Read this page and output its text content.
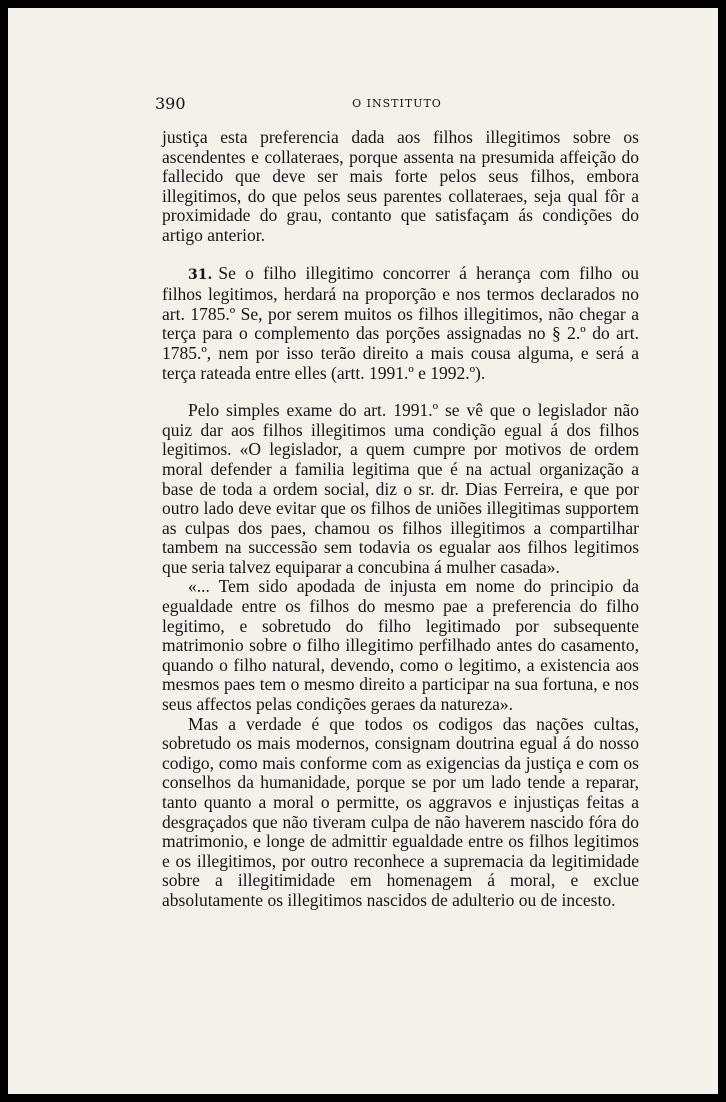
390	O INSTITUTO

justiça esta preferencia dada aos filhos illegitimos sobre os ascendentes e collateraes, porque assenta na presumida affeição do fallecido que deve ser mais forte pelos seus filhos, embora illegitimos, do que pelos seus parentes collateraes, seja qual fôr a proximidade do grau, contanto que satisfaçam ás condições do artigo anterior.

31. Se o filho illegitimo concorrer á herança com filho ou filhos legitimos, herdará na proporção e nos termos declarados no art. 1785.º Se, por serem muitos os filhos illegitimos, não chegar a terça para o complemento das porções assignadas no § 2.º do art. 1785.º, nem por isso terão direito a mais cousa alguma, e será a terça rateada entre elles (artt. 1991.º e 1992.º).

Pelo simples exame do art. 1991.º se vê que o legislador não quiz dar aos filhos illegitimos uma condição egual á dos filhos legitimos. «O legislador, a quem cumpre por motivos de ordem moral defender a familia legitima que é na actual organização a base de toda a ordem social, diz o sr. dr. Dias Ferreira, e que por outro lado deve evitar que os filhos de uniões illegitimas supportem as culpas dos paes, chamou os filhos illegitimos a compartilhar tambem na successão sem todavia os egualar aos filhos legitimos que seria talvez equiparar a concubina á mulher casada».

«... Tem sido apodada de injusta em nome do principio da egualdade entre os filhos do mesmo pae a preferencia do filho legitimo, e sobretudo do filho legitimado por subsequente matrimonio sobre o filho illegitimo perfilhado antes do casamento, quando o filho natural, devendo, como o legitimo, a existencia aos mesmos paes tem o mesmo direito a participar na sua fortuna, e nos seus affectos pelas condições geraes da natureza».

Mas a verdade é que todos os codigos das nações cultas, sobretudo os mais modernos, consignam doutrina egual á do nosso codigo, como mais conforme com as exigencias da justiça e com os conselhos da humanidade, porque se por um lado tende a reparar, tanto quanto a moral o permitte, os aggravos e injustiças feitas a desgraçados que não tiveram culpa de não haverem nascido fóra do matrimonio, e longe de admittir egualdade entre os filhos legitimos e os illegitimos, por outro reconhece a supremacia da legitimidade sobre a illegitimidade em homenagem á moral, e exclue absolutamente os illegitimos nascidos de adulterio ou de incesto.
